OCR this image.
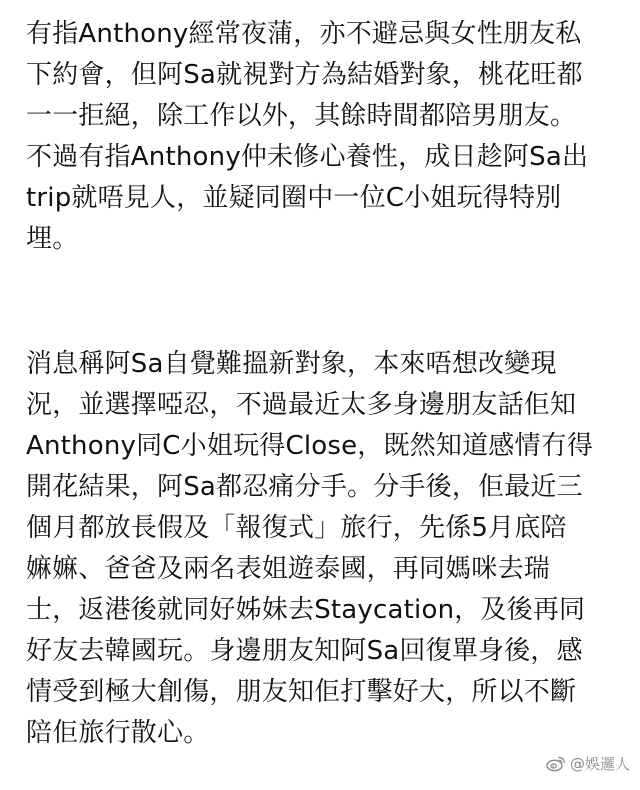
有指Anthony經常夜蒲，亦不避忌與女性朋友私
下約會，但阿Sa就視對方為結婚對象，桃花旺都
一一拒絕，除工作以外，其餘時間都陪男朋友。
不過有指Anthony仲未修心養性，成日趁阿Sa出
trip就唔見人，並疑同圈中一位C小姐玩得特別
埋。
消息稱阿Sa自覺難搵新對象，本來唔想改變現
況，並選擇啞忍，不過最近太多身邊朋友話佢知
Anthony同C小姐玩得Close，既然知道感情冇得
開花結果，阿Sa都忍痛分手。分手後，佢最近三
個月都放長假及「報復式」旅行，先係5月底陪
嫲嫲、爸爸及兩名表姐遊泰國，再同媽咪去瑞
士，返港後就同好姊妹去Staycation，及後再同
好友去韓國玩。身邊朋友知阿Sa回復單身後，感
情受到極大創傷，朋友知佢打擊好大，所以不斷
陪佢旅行散心。
@娛邏人
